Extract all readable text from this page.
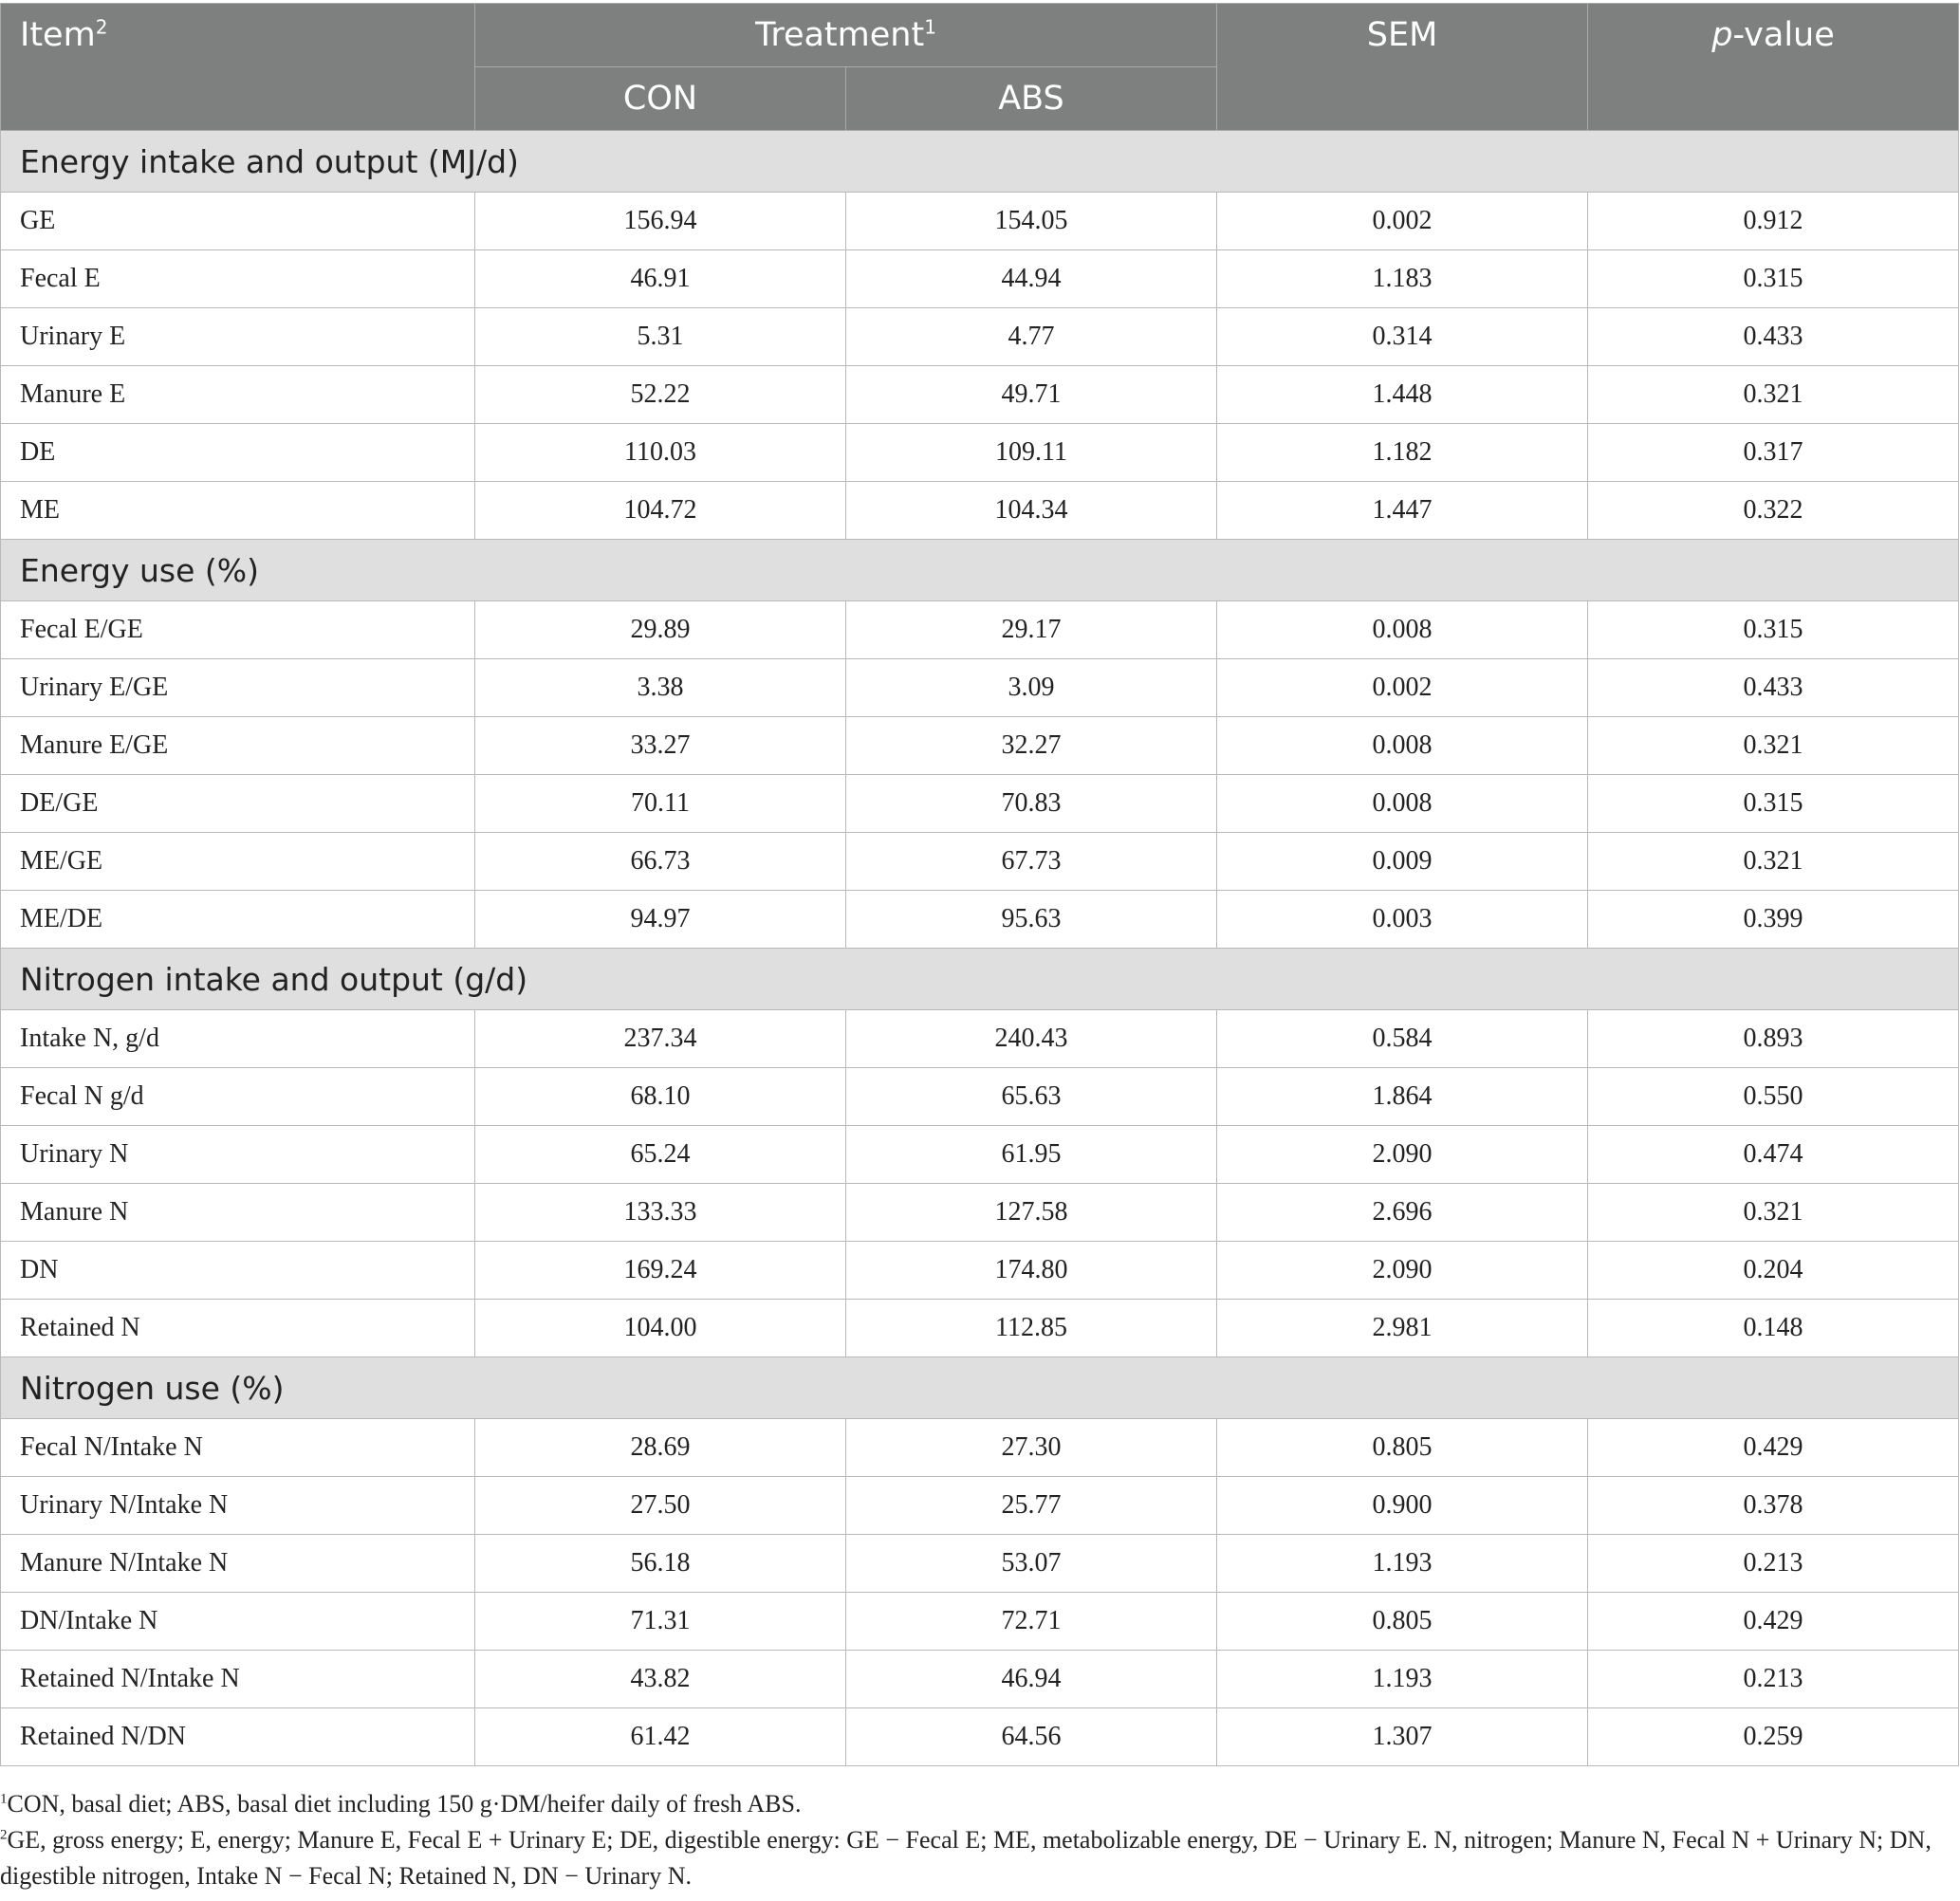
Item$^2$	Treatment$^1$		SEM	p-value
	CON	ABS		
Energy intake and output (MJ/d)				
GE	156.94	154.05	0.002	0.912
Fecal E	46.91	44.94	1.183	0.315
Urinary E	5.31	4.77	0.314	0.433
Manure E	52.22	49.71	1.448	0.321
DE	110.03	109.11	1.182	0.317
ME	104.72	104.34	1.447	0.322
Energy use (%)				
Fecal E/GE	29.89	29.17	0.008	0.315
Urinary E/GE	3.38	3.09	0.002	0.433
Manure E/GE	33.27	32.27	0.008	0.321
DE/GE	70.11	70.83	0.008	0.315
ME/GE	66.73	67.73	0.009	0.321
ME/DE	94.97	95.63	0.003	0.399
Nitrogen intake and output (g/d)				
Intake N, g/d	237.34	240.43	0.584	0.893
Fecal N g/d	68.10	65.63	1.864	0.550
Urinary N	65.24	61.95	2.090	0.474
Manure N	133.33	127.58	2.696	0.321
DN	169.24	174.80	2.090	0.204
Retained N	104.00	112.85	2.981	0.148
Nitrogen use (%)				
Fecal N/Intake N	28.69	27.30	0.805	0.429
Urinary N/Intake N	27.50	25.77	0.900	0.378
Manure N/Intake N	56.18	53.07	1.193	0.213
DN/Intake N	71.31	72.71	0.805	0.429
Retained N/Intake N	43.82	46.94	1.193	0.213
Retained N/DN	61.42	64.56	1.307	0.259

$^1$CON, basal diet; ABS, basal diet including 150 g·DM/heifer daily of fresh ABS.

$^2$GE, gross energy; E, energy; Manure E, Fecal E + Urinary E; DE, digestible energy: GE − Fecal E; ME, metabolizable energy, DE − Urinary E. N, nitrogen; Manure N, Fecal N + Urinary N; DN, digestible nitrogen, Intake N − Fecal N; Retained N, DN − Urinary N.
